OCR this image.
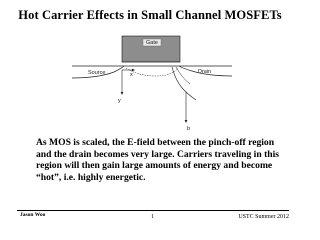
Hot Carrier Effects in Small Channel MOSFETs
Gate
Source	Drain
x
y
b
As MOS is scaled, the E-field between the pinch-off region and the drain becomes very large. Carriers traveling in this region will then gain large amounts of energy and become “hot”, i.e. highly energetic.
Jason Woo	1	USTC Summer 2012
